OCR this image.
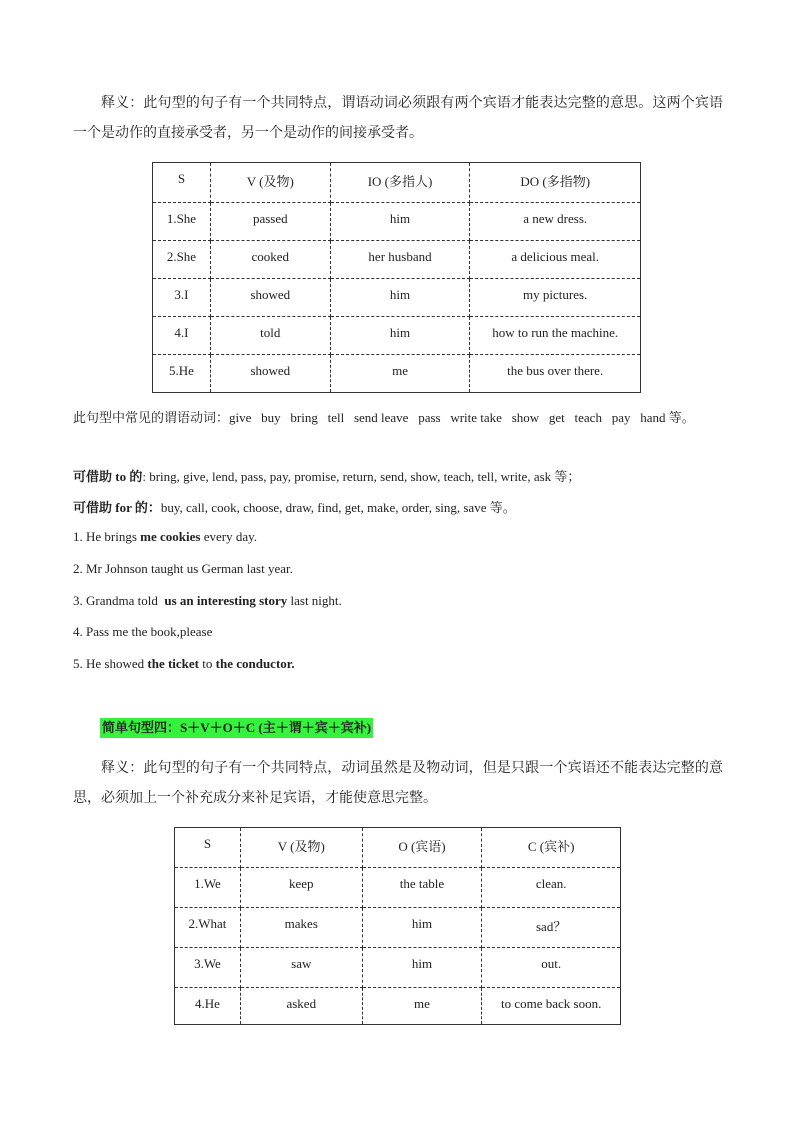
释义：此句型的句子有一个共同特点，谓语动词必须跟有两个宾语才能表达完整的意思。这两个宾语一个是动作的直接承受者，另一个是动作的间接承受者。

S	V (及物)	IO (多指人)	DO (多指物)
1.She	passed	him	a new dress.
2.She	cooked	her husband	a delicious meal.
3.I	showed	him	my pictures.
4.I	told	him	how to run the machine.
5.He	showed	me	the bus over there.

此句型中常见的谓语动词：give   buy   bring   tell   send leave   pass   write take   show   get   teach   pay   hand 等。

可借助 to 的: bring, give, lend, pass, pay, promise, return, send, show, teach, tell, write, ask 等；

可借助 for 的：buy, call, cook, choose, draw, find, get, make, order, sing, save 等。

1. He brings me cookies every day.

2. Mr Johnson taught us German last year.

3. Grandma told  us an interesting story last night.

4. Pass me the book,please

5. He showed the ticket to the conductor.

简单句型四：S＋V＋O＋C (主＋谓＋宾＋宾补)

释义：此句型的句子有一个共同特点，动词虽然是及物动词，但是只跟一个宾语还不能表达完整的意思，必须加上一个补充成分来补足宾语，才能使意思完整。

S	V (及物)	O (宾语)	C (宾补)
1.We	keep	the table	clean.
2.What	makes	him	sad？
3.We	saw	him	out.
4.He	asked	me	to come back soon.
